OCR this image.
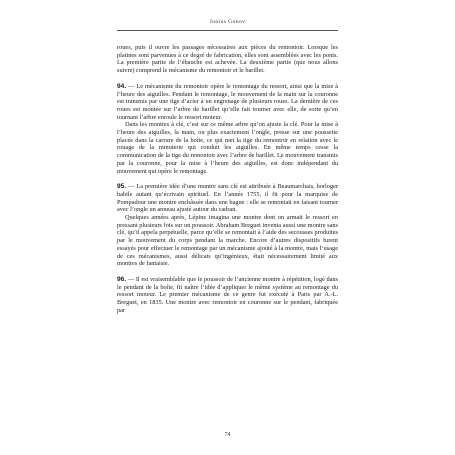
Junius Gonov

roues, puis il ouvre les passages nécessaires aux pièces du remontoir. Lorsque les platines sont parvenues à ce degré de fabrication, elles sont assemblées avec les ponts. La première partie de l’ébauche est achevée. La deuxième partie (que nous allons suivre) comprend le mécanisme du remontoir et le barillet.

94. — Le mécanisme du remontoir opère le remontage du ressort, ainsi que la mise à l’heure des aiguilles. Pendant le remontage, le mouvement de la main sur la couronne est transmis par une tige d’acier à un engrenage de plusieurs roues. La dernière de ces roues est montée sur l’arbre de barillet qu’elle fait tourner avec elle, de sorte qu’en tournant l’arbre enroule le ressort moteur.

Dans les montres à clé, c’est sur ce même arbre qu’on ajuste la clé. Pour la mise à l’heure des aiguilles, la main, ou plus exactement l’ongle, presse sur une poussette placée dans la carrure de la boîte, ce qui met la tige du remontoir en relation avec le rouage de la minuterie qui conduit les aiguilles. En même temps cesse la communication de la tige du remontoir avec l’arbre de barillet. Le mouvement transmis par la couronne, pour la mise à l’heure des aiguilles, est donc indépendant du mouvement qui opère le remontage.

95. — La première idée d’une montre sans clé est attribuée à Beaumarchais, horloger habile autant qu’écrivain spirituel. En l’année 1755, il fit pour la marquise de Pompadour une montre enchâssée dans une bague : elle se remontait en faisant tourner avec l’ongle un anneau ajusté autour du cadran.

Quelques années après, Lépine imagina une montre dont on armait le ressort en pressant plusieurs fois sur un poussoir. Abraham Breguet inventa aussi une montre sans clé, qu’il appela perpétuelle, parce qu’elle se remontait à l’aide des secousses produites par le mouvement du corps pendant la marche. Encore d’autres dispositifs furent essayés pour effectuer le remontage par un mécanisme ajouté à la montre, mais l’usage de ces mécanismes, aussi délicats qu’ingénieux, était nécessairement limité aux montres de fantaisie.

96. — Il est vraisemblable que le poussoir de l’ancienne montre à répétition, logé dans le pendant de la boîte, fit naître l’idée d’appliquer le même système au remontage du ressort moteur. Le premier mécanisme de ce genre fut exécuté à Paris par A.-L. Breguet, en 1835. Une montre avec remontoir en couronne sur le pendant, fabriquée par

74
